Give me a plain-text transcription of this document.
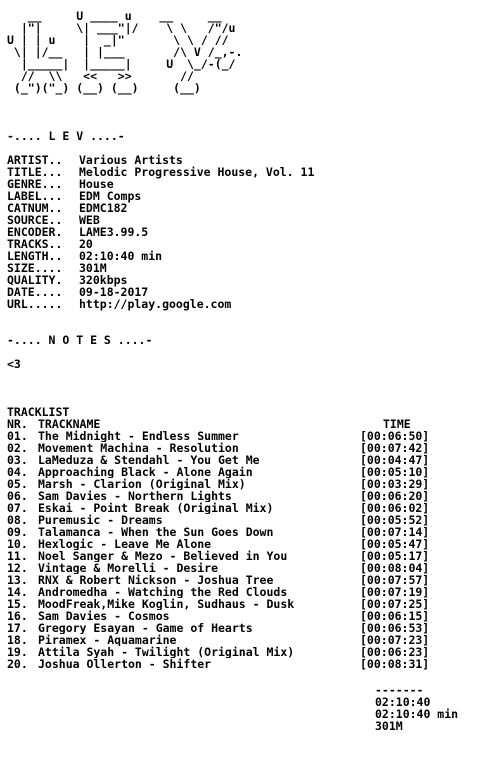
__     U ____ u    __     __
|"|     \| ___"|/    \ \   /"/u
U | | u    |  _|"       \ \ / //
\| |/__   | |___       /\ V /_,-.
|_____|  |_____|     U  \_/-(_/
//  \\   <<   >>       //
(_")("_) (__) (__)     (__)
-.... L E V ....-
ARTIST..	Various Artists
TITLE...	Melodic Progressive House, Vol. 11
GENRE...	House
LABEL...	EDM Comps
CATNUM..	EDMC182
SOURCE..	WEB
ENCODER.	LAME3.99.5
TRACKS..	20
LENGTH..	02:10:40 min
SIZE....	301M
QUALITY.	320kbps
DATE....	09-18-2017
URL.....	http://play.google.com
-.... N O T E S ....-
<3
TRACKLIST
NR. TRACKNAME	TIME
01. The Midnight - Endless Summer	[00:06:50]
02. Movement Machina - Resolution	[00:07:42]
03. LaMeduza & Stendahl - You Get Me	[00:04:47]
04. Approaching Black - Alone Again	[00:05:10]
05. Marsh - Clarion (Original Mix)	[00:03:29]
06. Sam Davies - Northern Lights	[00:06:20]
07. Eskai - Point Break (Original Mix)	[00:06:02]
08. Puremusic - Dreams	[00:05:52]
09. Talamanca - When the Sun Goes Down	[00:07:14]
10. Hexlogic - Leave Me Alone	[00:05:47]
11. Noel Sanger & Mezo - Believed in You	[00:05:17]
12. Vintage & Morelli - Desire	[00:08:04]
13. RNX & Robert Nickson - Joshua Tree	[00:07:57]
14. Andromedha - Watching the Red Clouds	[00:07:19]
15. MoodFreak,Mike Koglin, Sudhaus - Dusk	[00:07:25]
16. Sam Davies - Cosmos	[00:06:15]
17. Gregory Esayan - Game of Hearts	[00:06:53]
18. Piramex - Aquamarine	[00:07:23]
19. Attila Syah - Twilight (Original Mix)	[00:06:23]
20. Joshua Ollerton - Shifter	[00:08:31]
-------
02:10:40
02:10:40 min
301M
